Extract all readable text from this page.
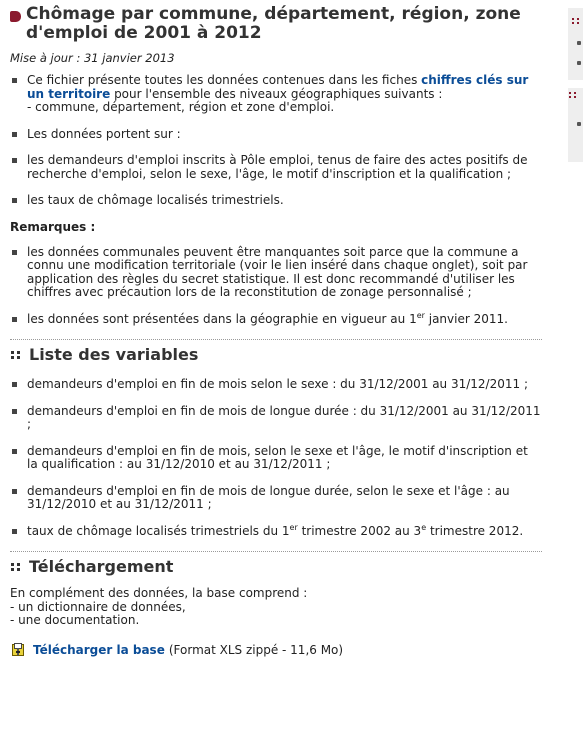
Chômage par commune, département, région, zone
d'emploi de 2001 à 2012
Mise à jour : 31 janvier 2013
Ce fichier présente toutes les données contenues dans les fiches chiffres clés sur un territoire pour l'ensemble des niveaux géographiques suivants :
- commune, département, région et zone d'emploi.
Les données portent sur :
les demandeurs d'emploi inscrits à Pôle emploi, tenus de faire des actes positifs de recherche d'emploi, selon le sexe, l'âge, le motif d'inscription et la qualification ;
les taux de chômage localisés trimestriels.
Remarques :
les données communales peuvent être manquantes soit parce que la commune a connu une modification territoriale (voir le lien inséré dans chaque onglet), soit par application des règles du secret statistique. Il est donc recommandé d'utiliser les chiffres avec précaution lors de la reconstitution de zonage personnalisé ;
les données sont présentées dans la géographie en vigueur au 1er janvier 2011.
Liste des variables
demandeurs d'emploi en fin de mois selon le sexe : du 31/12/2001 au 31/12/2011 ;
demandeurs d'emploi en fin de mois de longue durée : du 31/12/2001 au 31/12/2011 ;
demandeurs d'emploi en fin de mois, selon le sexe et l'âge, le motif d'inscription et la qualification : au 31/12/2010 et au 31/12/2011 ;
demandeurs d'emploi en fin de mois de longue durée, selon le sexe et l'âge : au 31/12/2010 et au 31/12/2011 ;
taux de chômage localisés trimestriels du 1er trimestre 2002 au 3e trimestre 2012.
Téléchargement
En complément des données, la base comprend :
- un dictionnaire de données,
- une documentation.
Télécharger la base (Format XLS zippé - 11,6 Mo)
